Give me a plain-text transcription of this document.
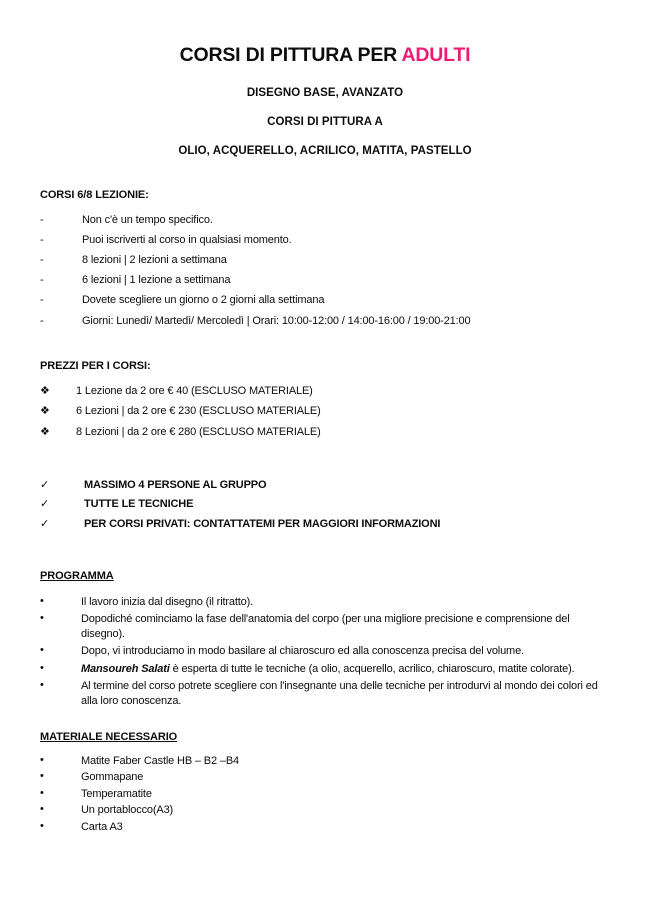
CORSI DI PITTURA PER ADULTI

DISEGNO BASE, AVANZATO

CORSI DI PITTURA A

OLIO, ACQUERELLO, ACRILICO, MATITA, PASTELLO

CORSI 6/8 LEZIONIE:

-	Non c'è un tempo specifico.
-	Puoi iscriverti al corso in qualsiasi momento.
-	8 lezioni | 2 lezioni a settimana
-	6 lezioni | 1 lezione a settimana
-	Dovete scegliere un giorno o 2 giorni alla settimana
-	Giorni: Lunedì/ Martedì/ Mercoledì | Orari: 10:00-12:00 / 14:00-16:00 / 19:00-21:00

PREZZI PER I CORSI:

❖	1 Lezione da 2 ore € 40 (ESCLUSO MATERIALE)
❖	6 Lezioni | da 2 ore € 230 (ESCLUSO MATERIALE)
❖	8 Lezioni | da 2 ore € 280 (ESCLUSO MATERIALE)
✓	MASSIMO 4 PERSONE AL GRUPPO
✓	TUTTE LE TECNICHE
✓	PER CORSI PRIVATI: CONTATTATEMI PER MAGGIORI INFORMAZIONI

PROGRAMMA

•	Il lavoro inizia dal disegno (il ritratto).
•	Dopodiché cominciamo la fase dell'anatomia del corpo (per una migliore precisione e comprensione del disegno).
•	Dopo, vi introduciamo in modo basilare al chiaroscuro ed alla conoscenza precisa del volume.
•	Mansoureh Salati è esperta di tutte le tecniche (a olio, acquerello, acrilico, chiaroscuro, matite colorate).
•	Al termine del corso potrete scegliere con l'insegnante una delle tecniche per introdurvi al mondo dei colori ed alla loro conoscenza.

MATERIALE NECESSARIO

•	Matite Faber Castle HB – B2 –B4
•	Gommapane
•	Temperamatite
•	Un portablocco(A3)
•	Carta A3
